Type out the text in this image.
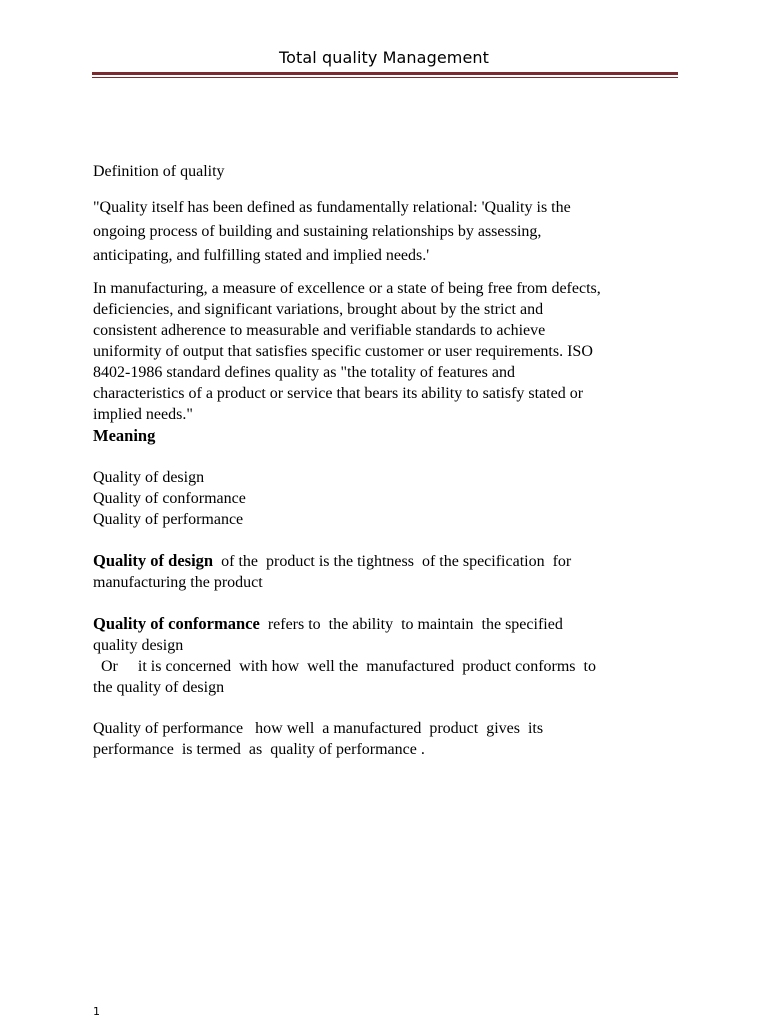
Total quality Management
Definition of quality
"Quality itself has been defined as fundamentally relational: 'Quality is the
ongoing process of building and sustaining relationships by assessing,
anticipating, and fulfilling stated and implied needs.'
In manufacturing, a measure of excellence or a state of being free from defects,
deficiencies, and significant variations, brought about by the strict and
consistent adherence to measurable and verifiable standards to achieve
uniformity of output that satisfies specific customer or user requirements. ISO
8402-1986 standard defines quality as "the totality of features and
characteristics of a product or service that bears its ability to satisfy stated or
implied needs."
Meaning
Quality of design
Quality of conformance
Quality of performance
Quality of design  of the  product is the tightness  of the specification  for
manufacturing the product
Quality of conformance  refers to  the ability  to maintain  the specified
quality design
Or     it is concerned  with how  well the  manufactured  product conforms  to
the quality of design
Quality of performance   how well  a manufactured  product  gives  its
performance  is termed  as  quality of performance .
1
